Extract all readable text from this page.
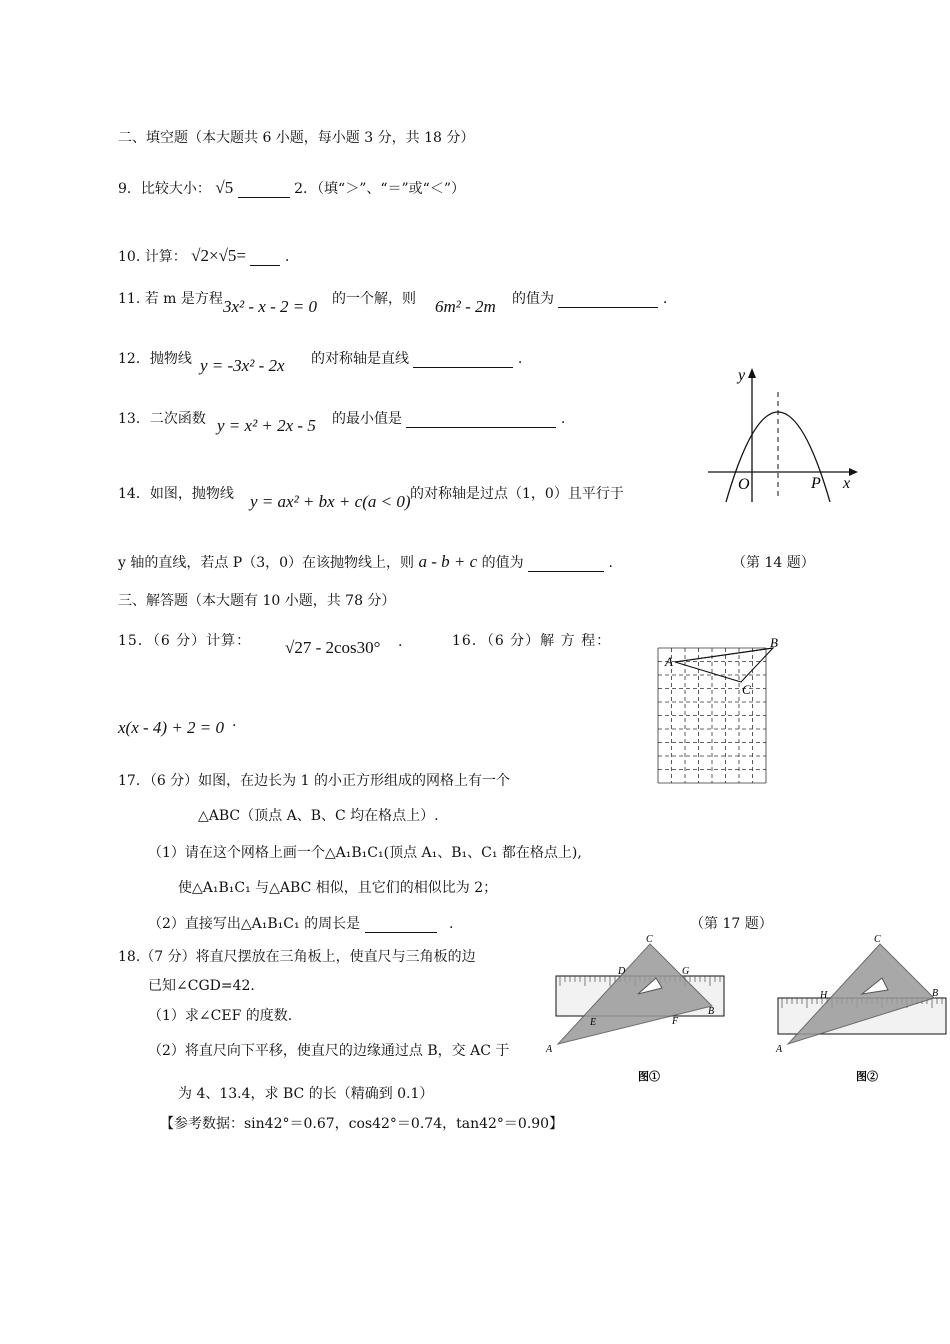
二、填空题（本大题共 6 小题，每小题 3 分，共 18 分）
9．比较大小： √5	2．（填“＞”、“＝”或“＜”）
10. 计算： √2×√5=	.
11. 若 m 是方程 3x² - x - 2 = 0 的一个解，则 6m² - 2m 的值为	.
12．抛物线 y = -3x² - 2x 的对称轴是直线	.
13．二次函数 y = x² + 2x - 5 的最小值是	.
14．如图，抛物线 y = ax² + bx + c(a < 0) 的对称轴是过点（1，0）且平行于
y 轴的直线，若点 P（3，0）在该抛物线上，则 a - b + c 的值为	.	（第 14 题）
y
x
O	P
三、解答题（本大题有 10 小题，共 78 分）
15．（6 分）计算： √27 - 2cos30° .	16．（6 分）解 方 程：
x(x - 4) + 2 = 0 .
A
B
C
17．（6 分）如图，在边长为 1 的小正方形组成的网格上有一个
△ABC（顶点 A、B、C 均在格点上）.
（1）请在这个网格上画一个△A₁B₁C₁(顶点 A₁、B₁、C₁ 都在格点上),
使△A₁B₁C₁ 与△ABC 相似，且它们的相似比为 2；
（2）直接写出△A₁B₁C₁ 的周长是	.	（第 17 题）
18.（7 分）将直尺摆放在三角板上，使直尺与三角板的边
已知∠CGD=42.
（1）求∠CEF 的度数.
（2）将直尺向下平移，使直尺的边缘通过点 B，交 AC 于
为 4、13.4，求 BC 的长（精确到 0.1）
【参考数据：sin42°＝0.67，cos42°＝0.74，tan42°＝0.90】
C
D	G
B
E	F
A
图①
C
H	B
A
图②
